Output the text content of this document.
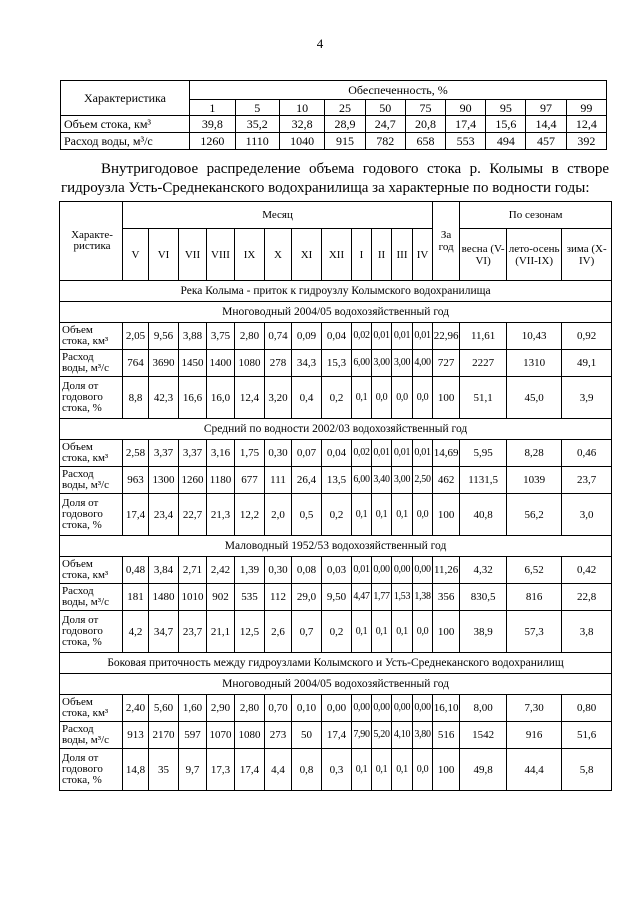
4
Характеристика	Обеспеченность, %									
	1	5	10	25	50	75	90	95	97	99
Объем стока, км³	39,8	35,2	32,8	28,9	24,7	20,8	17,4	15,6	14,4	12,4
Расход воды, м³/с	1260	1110	1040	915	782	658	553	494	457	392

Внутригодовое распределение объема годового стока р. Колымы в створе гидроузла Усть-Среднеканского водохранилища за характерные по водности годы:

Характе-ристика	Месяц												За год	По сезонам		
	V	VI	VII	VIII	IX	X	XI	XII	I	II	III	IV		весна (V-VI)	лето-осень (VII-IX)	зима (X-IV)
Река Колыма - приток к гидроузлу Колымского водохранилища																
Многоводный 2004/05 водохозяйственный год																
Объем стока, км³	2,05	9,56	3,88	3,75	2,80	0,74	0,09	0,04	0,02	0,01	0,01	0,01	22,96	11,61	10,43	0,92
Расход воды, м³/с	764	3690	1450	1400	1080	278	34,3	15,3	6,00	3,00	3,00	4,00	727	2227	1310	49,1
Доля от годового стока, %	8,8	42,3	16,6	16,0	12,4	3,20	0,4	0,2	0,1	0,0	0,0	0,0	100	51,1	45,0	3,9
Средний по водности 2002/03 водохозяйственный год																
Объем стока, км³	2,58	3,37	3,37	3,16	1,75	0,30	0,07	0,04	0,02	0,01	0,01	0,01	14,69	5,95	8,28	0,46
Расход воды, м³/с	963	1300	1260	1180	677	111	26,4	13,5	6,00	3,40	3,00	2,50	462	1131,5	1039	23,7
Доля от годового стока, %	17,4	23,4	22,7	21,3	12,2	2,0	0,5	0,2	0,1	0,1	0,1	0,0	100	40,8	56,2	3,0
Маловодный 1952/53 водохозяйственный год																
Объем стока, км³	0,48	3,84	2,71	2,42	1,39	0,30	0,08	0,03	0,01	0,00	0,00	0,00	11,26	4,32	6,52	0,42
Расход воды, м³/с	181	1480	1010	902	535	112	29,0	9,50	4,47	1,77	1,53	1,38	356	830,5	816	22,8
Доля от годового стока, %	4,2	34,7	23,7	21,1	12,5	2,6	0,7	0,2	0,1	0,1	0,1	0,0	100	38,9	57,3	3,8
Боковая приточность между гидроузлами Колымского и Усть-Среднеканского водохранилищ																
Многоводный 2004/05 водохозяйственный год																
Объем стока, км³	2,40	5,60	1,60	2,90	2,80	0,70	0,10	0,00	0,00	0,00	0,00	0,00	16,10	8,00	7,30	0,80
Расход воды, м³/с	913	2170	597	1070	1080	273	50	17,4	7,90	5,20	4,10	3,80	516	1542	916	51,6
Доля от годового стока, %	14,8	35	9,7	17,3	17,4	4,4	0,8	0,3	0,1	0,1	0,1	0,0	100	49,8	44,4	5,8
